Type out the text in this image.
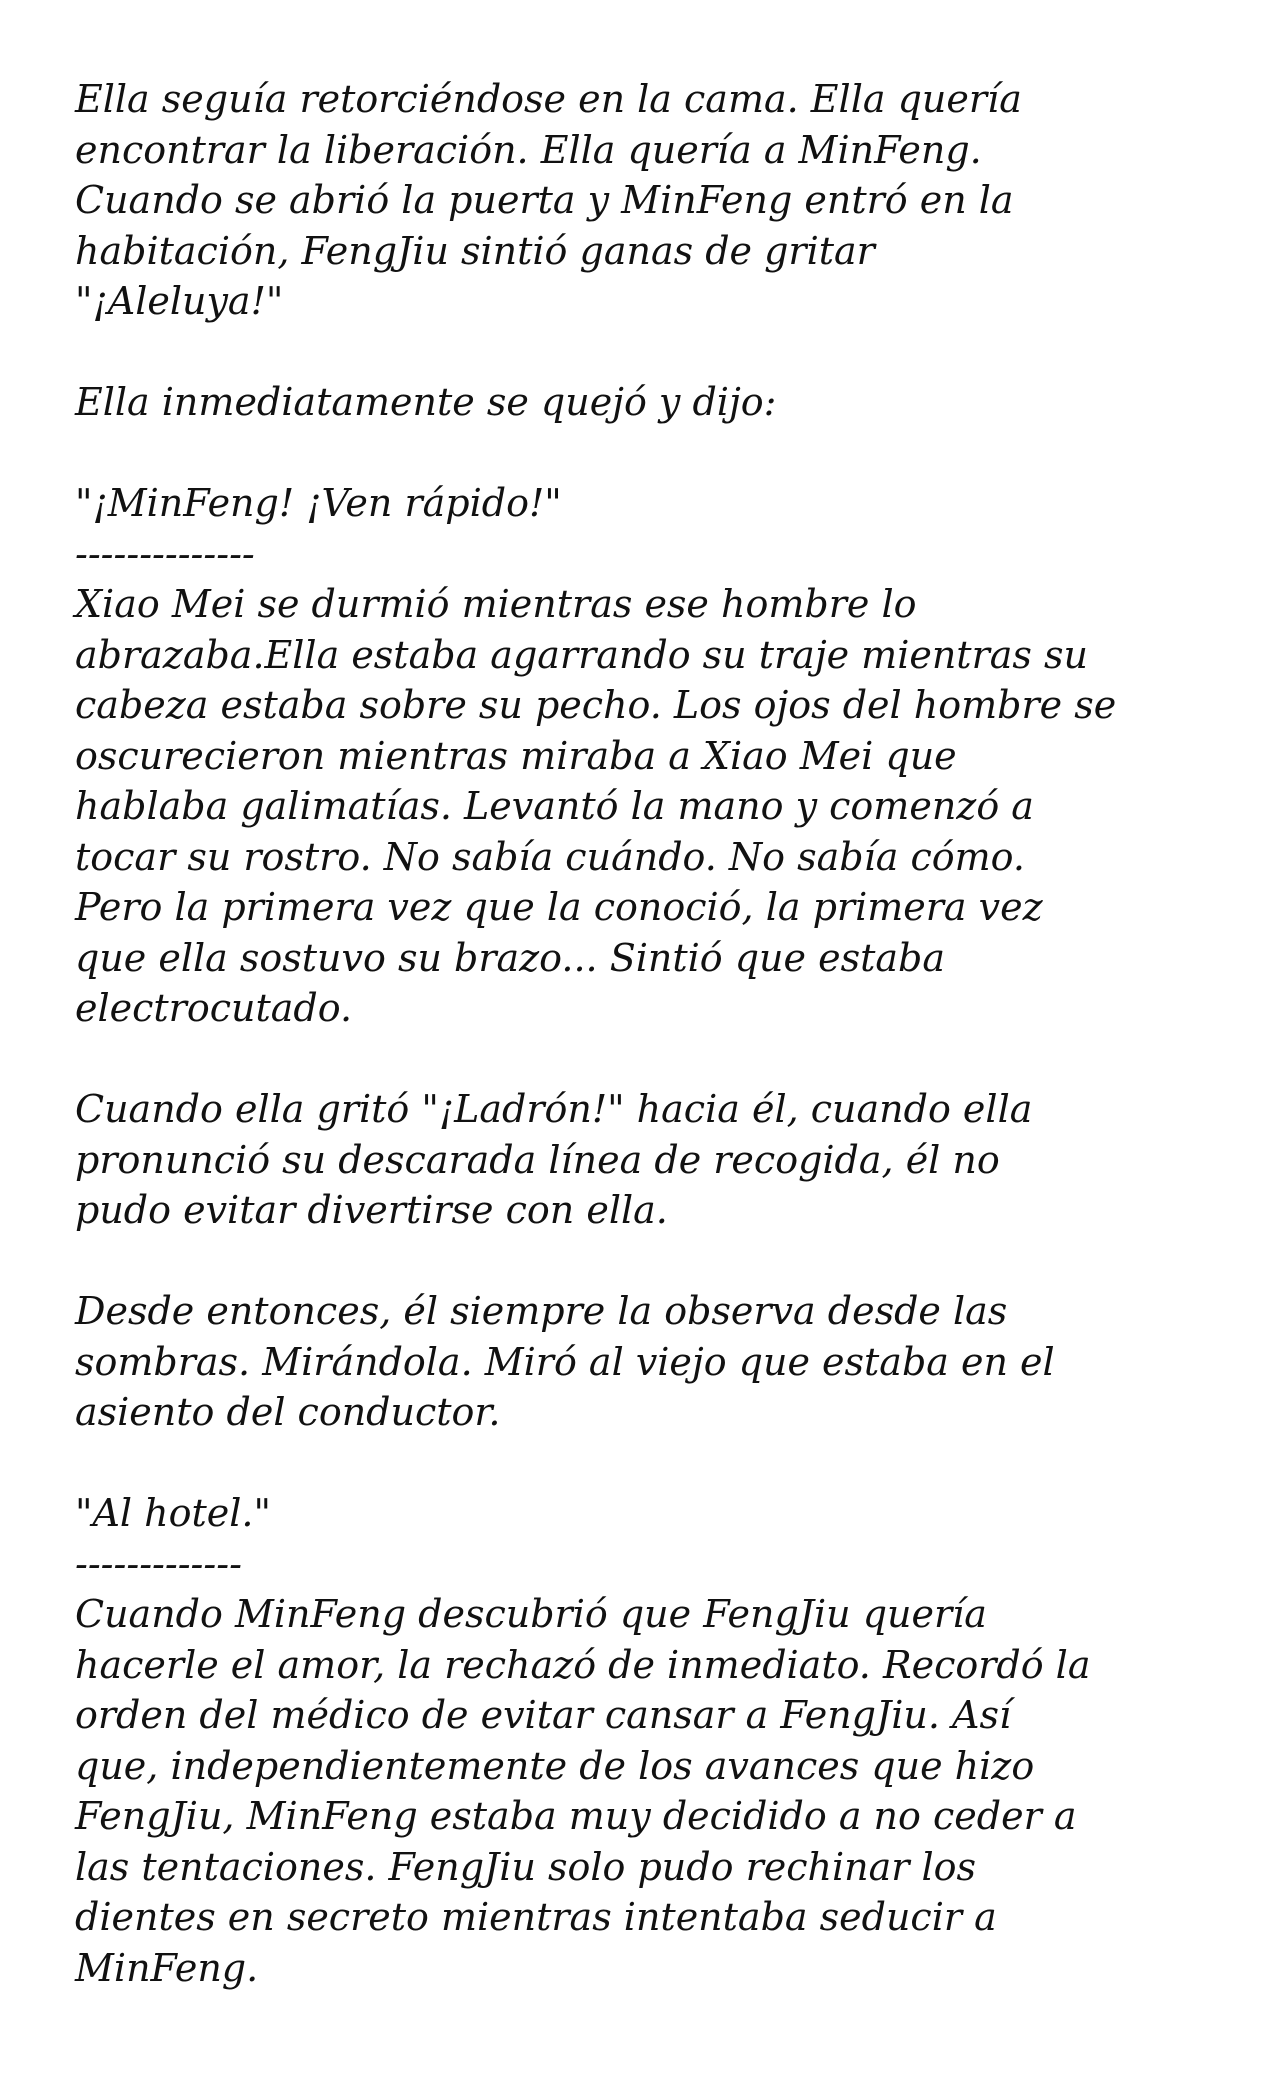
Ella seguía retorciéndose en la cama. Ella quería
encontrar la liberación. Ella quería a MinFeng.
Cuando se abrió la puerta y MinFeng entró en la
habitación, FengJiu sintió ganas de gritar
"¡Aleluya!"

Ella inmediatamente se quejó y dijo:

"¡MinFeng! ¡Ven rápido!"

--------------

Xiao Mei se durmió mientras ese hombre lo
abrazaba.Ella estaba agarrando su traje mientras su
cabeza estaba sobre su pecho. Los ojos del hombre se
oscurecieron mientras miraba a Xiao Mei que
hablaba galimatías. Levantó la mano y comenzó a
tocar su rostro. No sabía cuándo. No sabía cómo.
Pero la primera vez que la conoció, la primera vez
que ella sostuvo su brazo... Sintió que estaba
electrocutado.

Cuando ella gritó "¡Ladrón!" hacia él, cuando ella
pronunció su descarada línea de recogida, él no
pudo evitar divertirse con ella.

Desde entonces, él siempre la observa desde las
sombras. Mirándola. Miró al viejo que estaba en el
asiento del conductor.

"Al hotel."

-------------

Cuando MinFeng descubrió que FengJiu quería
hacerle el amor, la rechazó de inmediato. Recordó la
orden del médico de evitar cansar a FengJiu. Así
que, independientemente de los avances que hizo
FengJiu, MinFeng estaba muy decidido a no ceder a
las tentaciones. FengJiu solo pudo rechinar los
dientes en secreto mientras intentaba seducir a
MinFeng.
